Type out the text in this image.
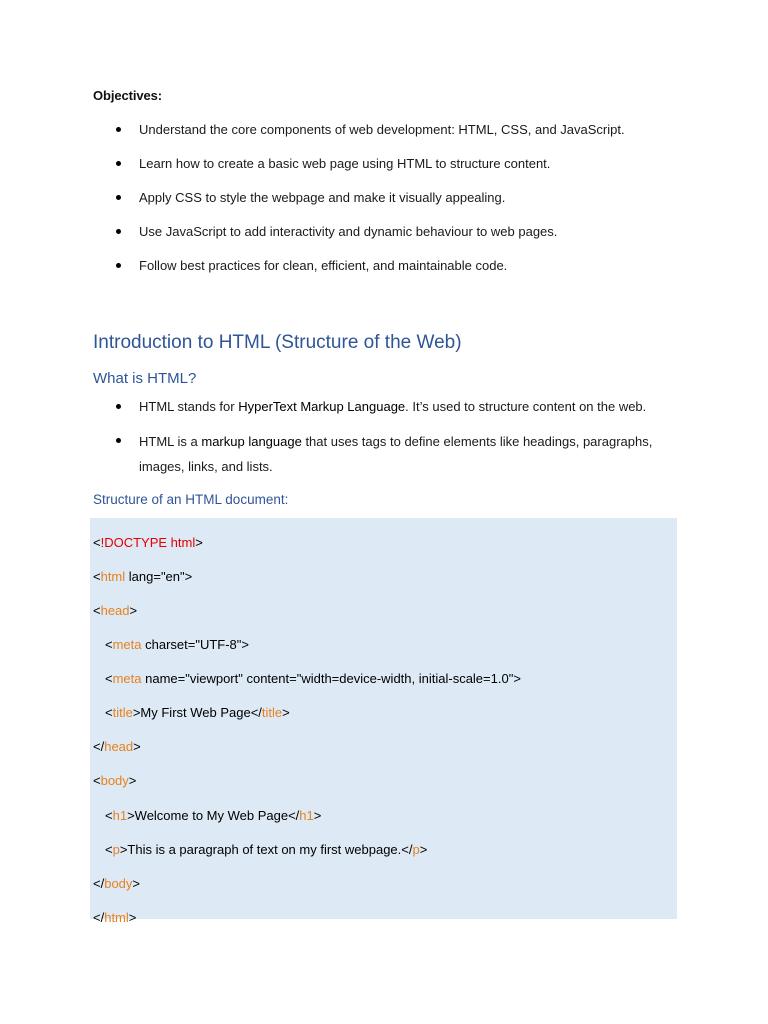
Objectives:
Understand the core components of web development: HTML, CSS, and JavaScript.
Learn how to create a basic web page using HTML to structure content.
Apply CSS to style the webpage and make it visually appealing.
Use JavaScript to add interactivity and dynamic behaviour to web pages.
Follow best practices for clean, efficient, and maintainable code.
Introduction to HTML (Structure of the Web)
What is HTML?
HTML stands for HyperText Markup Language. It’s used to structure content on the web.
HTML is a markup language that uses tags to define elements like headings, paragraphs,
images, links, and lists.
Structure of an HTML document:

<!DOCTYPE html>

<html lang="en">

<head>

<meta charset="UTF-8">

<meta name="viewport" content="width=device-width, initial-scale=1.0">

<title>My First Web Page</title>

</head>

<body>

<h1>Welcome to My Web Page</h1>

<p>This is a paragraph of text on my first webpage.</p>

</body>

</html>
